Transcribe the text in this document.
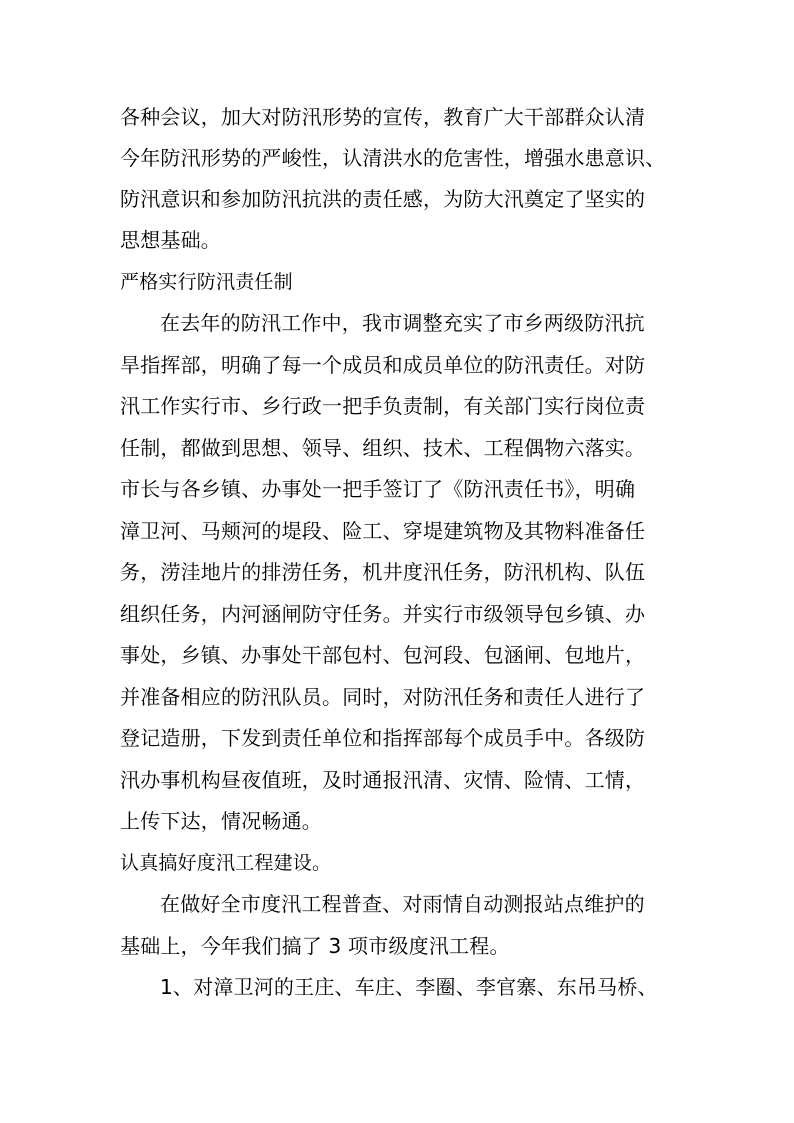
各种会议，加大对防汛形势的宣传，教育广大干部群众认清
今年防汛形势的严峻性，认清洪水的危害性，增强水患意识、
防汛意识和参加防汛抗洪的责任感，为防大汛奠定了坚实的
思想基础。
严格实行防汛责任制
在去年的防汛工作中，我市调整充实了市乡两级防汛抗
旱指挥部，明确了每一个成员和成员单位的防汛责任。对防
汛工作实行市、乡行政一把手负责制，有关部门实行岗位责
任制，都做到思想、领导、组织、技术、工程偶物六落实。
市长与各乡镇、办事处一把手签订了《防汛责任书》，明确
漳卫河、马颊河的堤段、险工、穿堤建筑物及其物料准备任
务，涝洼地片的排涝任务，机井度汛任务，防汛机构、队伍
组织任务，内河涵闸防守任务。并实行市级领导包乡镇、办
事处，乡镇、办事处干部包村、包河段、包涵闸、包地片，
并准备相应的防汛队员。同时，对防汛任务和责任人进行了
登记造册，下发到责任单位和指挥部每个成员手中。各级防
汛办事机构昼夜值班，及时通报汛清、灾情、险情、工情，
上传下达，情况畅通。
认真搞好度汛工程建设。
在做好全市度汛工程普查、对雨情自动测报站点维护的
基础上，今年我们搞了 3 项市级度汛工程。
1、对漳卫河的王庄、车庄、李圈、李官寨、东吊马桥、
